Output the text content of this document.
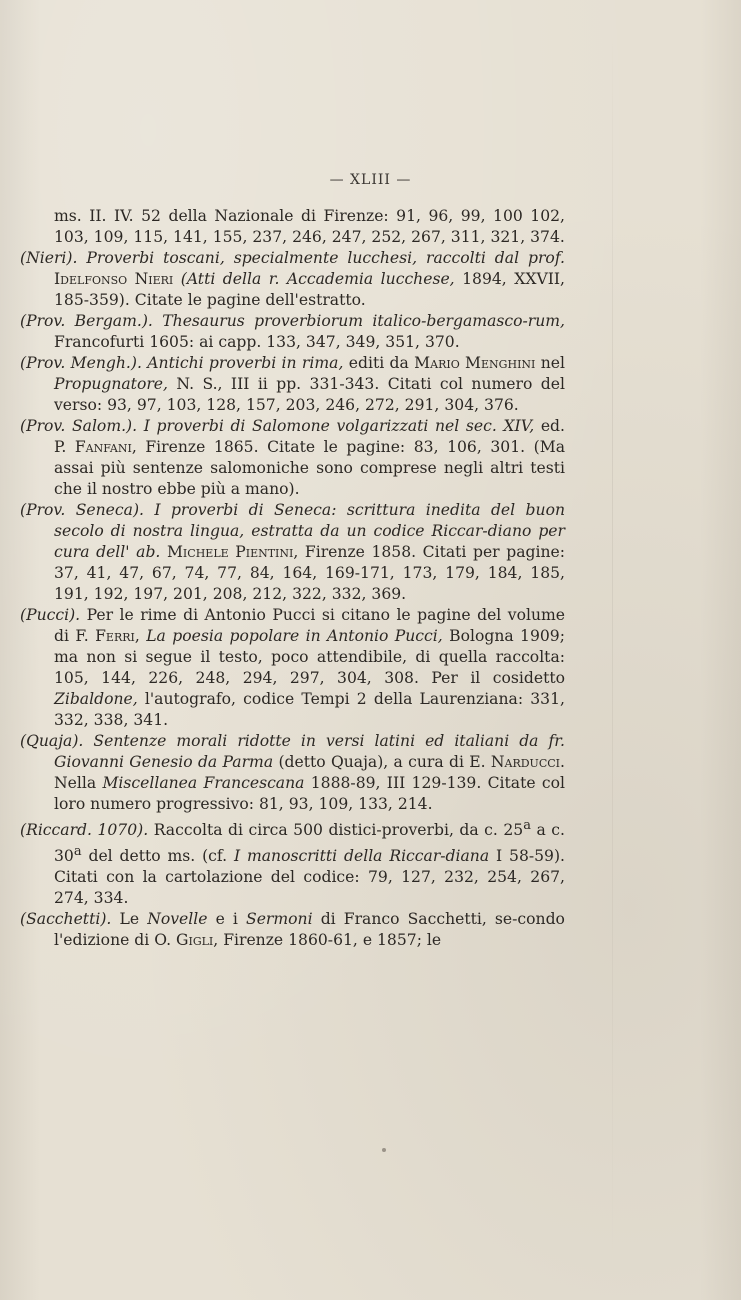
— XLIII —

ms. II. IV. 52 della Nazionale di Firenze: 91, 96, 99, 100 102, 103, 109, 115, 141, 155, 237, 246, 247, 252, 267, 311, 321, 374.

(Nieri). Proverbi toscani, specialmente lucchesi, raccolti dal prof. Idelfonso Nieri (Atti della r. Accademia lucchese, 1894, XXVII, 185-359). Citate le pagine dell'estratto.

(Prov. Bergam.). Thesaurus proverbiorum italico-bergamasco-rum, Francofurti 1605: ai capp. 133, 347, 349, 351, 370.

(Prov. Mengh.). Antichi proverbi in rima, editi da Mario Menghini nel Propugnatore, N. S., III ii pp. 331-343. Citati col numero del verso: 93, 97, 103, 128, 157, 203, 246, 272, 291, 304, 376.

(Prov. Salom.). I proverbi di Salomone volgarizzati nel sec. XIV, ed. P. Fanfani, Firenze 1865. Citate le pagine: 83, 106, 301. (Ma assai più sentenze salomoniche sono comprese negli altri testi che il nostro ebbe più a mano).

(Prov. Seneca). I proverbi di Seneca: scrittura inedita del buon secolo di nostra lingua, estratta da un codice Riccar-diano per cura dell' ab. Michele Pientini, Firenze 1858. Citati per pagine: 37, 41, 47, 67, 74, 77, 84, 164, 169-171, 173, 179, 184, 185, 191, 192, 197, 201, 208, 212, 322, 332, 369.

(Pucci). Per le rime di Antonio Pucci si citano le pagine del volume di F. Ferri, La poesia popolare in Antonio Pucci, Bologna 1909; ma non si segue il testo, poco attendibile, di quella raccolta: 105, 144, 226, 248, 294, 297, 304, 308. Per il cosidetto Zibaldone, l'autografo, codice Tempi 2 della Laurenziana: 331, 332, 338, 341.

(Quaja). Sentenze morali ridotte in versi latini ed italiani da fr. Giovanni Genesio da Parma (detto Quaja), a cura di E. Narducci. Nella Miscellanea Francescana 1888-89, III 129-139. Citate col loro numero progressivo: 81, 93, 109, 133, 214.

(Riccard. 1070). Raccolta di circa 500 distici-proverbi, da c. 25$^a$ a c. 30$^a$ del detto ms. (cf. I manoscritti della Riccar-diana I 58-59). Citati con la cartolazione del codice: 79, 127, 232, 254, 267, 274, 334.

(Sacchetti). Le Novelle e i Sermoni di Franco Sacchetti, se-condo l'edizione di O. Gigli, Firenze 1860-61, e 1857; le
